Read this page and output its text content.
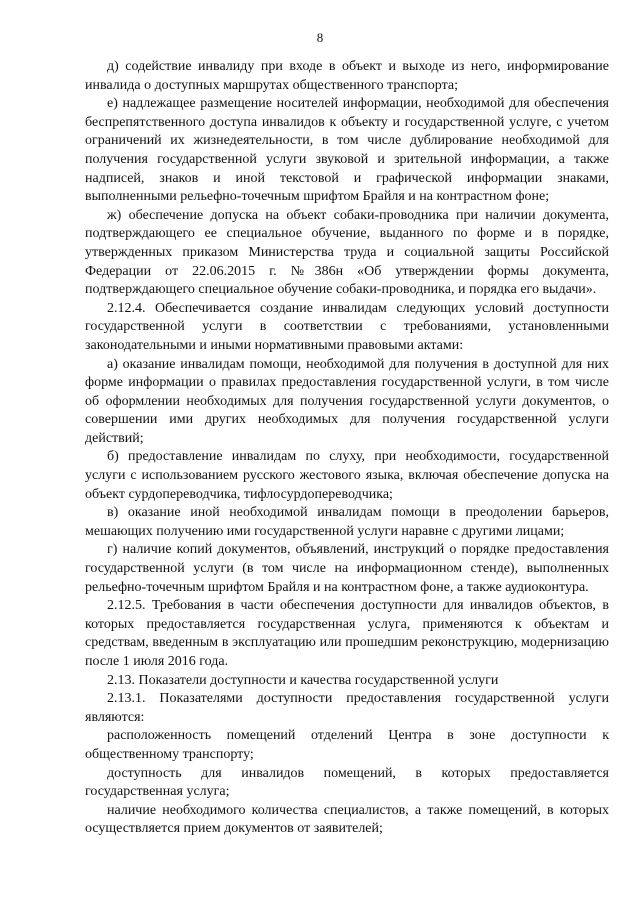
8

д) содействие инвалиду при входе в объект и выходе из него, информирование инвалида о доступных маршрутах общественного транспорта;

е) надлежащее размещение носителей информации, необходимой для обеспечения беспрепятственного доступа инвалидов к объекту и государственной услуге, с учетом ограничений их жизнедеятельности, в том числе дублирование необходимой для получения государственной услуги звуковой и зрительной информации, а также надписей, знаков и иной текстовой и графической информации знаками, выполненными рельефно-точечным шрифтом Брайля и на контрастном фоне;

ж) обеспечение допуска на объект собаки-проводника при наличии документа, подтверждающего ее специальное обучение, выданного по форме и в порядке, утвержденных приказом Министерства труда и социальной защиты Российской Федерации от 22.06.2015 г. №386н «Об утверждении формы документа, подтверждающего специальное обучение собаки-проводника, и порядка его выдачи».

2.12.4. Обеспечивается создание инвалидам следующих условий доступности государственной услуги в соответствии с требованиями, установленными законодательными и иными нормативными правовыми актами:

а) оказание инвалидам помощи, необходимой для получения в доступной для них форме информации о правилах предоставления государственной услуги, в том числе об оформлении необходимых для получения государственной услуги документов, о совершении ими других необходимых для получения государственной услуги действий;

б) предоставление инвалидам по слуху, при необходимости, государственной услуги с использованием русского жестового языка, включая обеспечение допуска на объект сурдопереводчика, тифлосурдопереводчика;

в) оказание иной необходимой инвалидам помощи в преодолении барьеров, мешающих получению ими государственной услуги наравне с другими лицами;

г) наличие копий документов, объявлений, инструкций о порядке предоставления государственной услуги (в том числе на информационном стенде), выполненных рельефно-точечным шрифтом Брайля и на контрастном фоне, а также аудиоконтура.

2.12.5. Требования в части обеспечения доступности для инвалидов объектов, в которых предоставляется государственная услуга, применяются к объектам и средствам, введенным в эксплуатацию или прошедшим реконструкцию, модернизацию после 1 июля 2016 года.

2.13. Показатели доступности и качества государственной услуги

2.13.1. Показателями доступности предоставления государственной услуги являются:

расположенность помещений отделений Центра в зоне доступности к общественному транспорту;

доступность для инвалидов помещений, в которых предоставляется государственная услуга;

наличие необходимого количества специалистов, а также помещений, в которых осуществляется прием документов от заявителей;
